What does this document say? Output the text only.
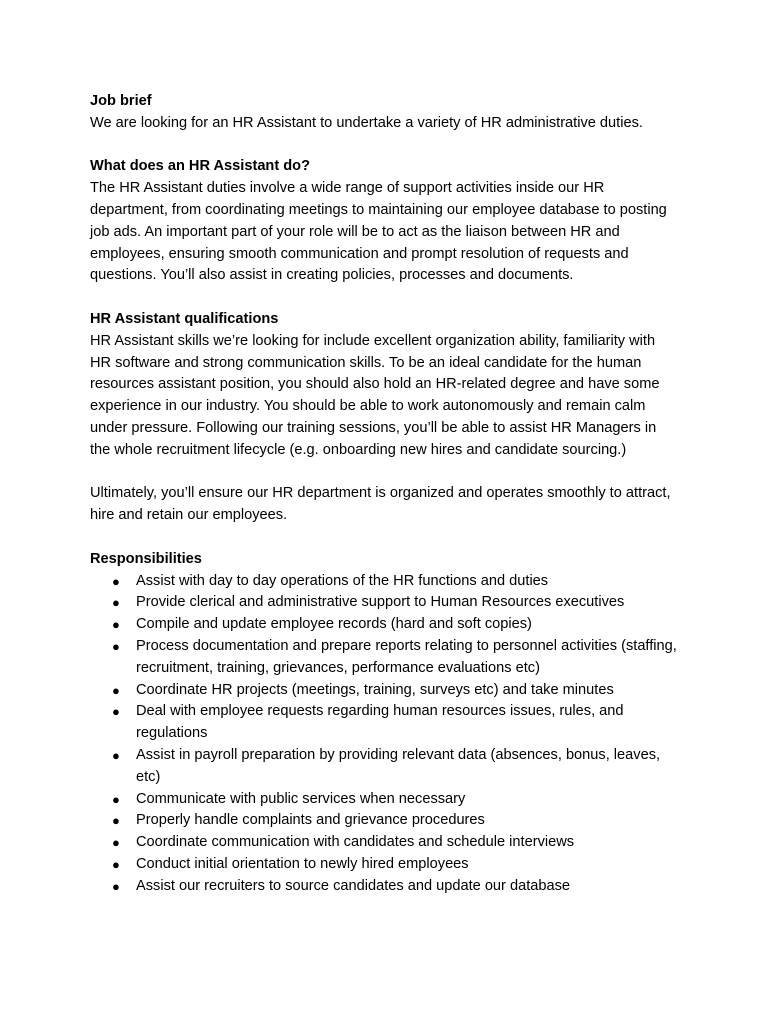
Job brief

We are looking for an HR Assistant to undertake a variety of HR administrative duties.

What does an HR Assistant do?

The HR Assistant duties involve a wide range of support activities inside our HR department, from coordinating meetings to maintaining our employee database to posting job ads. An important part of your role will be to act as the liaison between HR and employees, ensuring smooth communication and prompt resolution of requests and questions. You’ll also assist in creating policies, processes and documents.

HR Assistant qualifications

HR Assistant skills we’re looking for include excellent organization ability, familiarity with HR software and strong communication skills. To be an ideal candidate for the human resources assistant position, you should also hold an HR-related degree and have some experience in our industry. You should be able to work autonomously and remain calm under pressure. Following our training sessions, you’ll be able to assist HR Managers in the whole recruitment lifecycle (e.g. onboarding new hires and candidate sourcing.)

Ultimately, you’ll ensure our HR department is organized and operates smoothly to attract, hire and retain our employees.

Responsibilities

● Assist with day to day operations of the HR functions and duties
● Provide clerical and administrative support to Human Resources executives
● Compile and update employee records (hard and soft copies)
● Process documentation and prepare reports relating to personnel activities (staffing, recruitment, training, grievances, performance evaluations etc)
● Coordinate HR projects (meetings, training, surveys etc) and take minutes
● Deal with employee requests regarding human resources issues, rules, and regulations
● Assist in payroll preparation by providing relevant data (absences, bonus, leaves, etc)
● Communicate with public services when necessary
● Properly handle complaints and grievance procedures
● Coordinate communication with candidates and schedule interviews
● Conduct initial orientation to newly hired employees
● Assist our recruiters to source candidates and update our database
